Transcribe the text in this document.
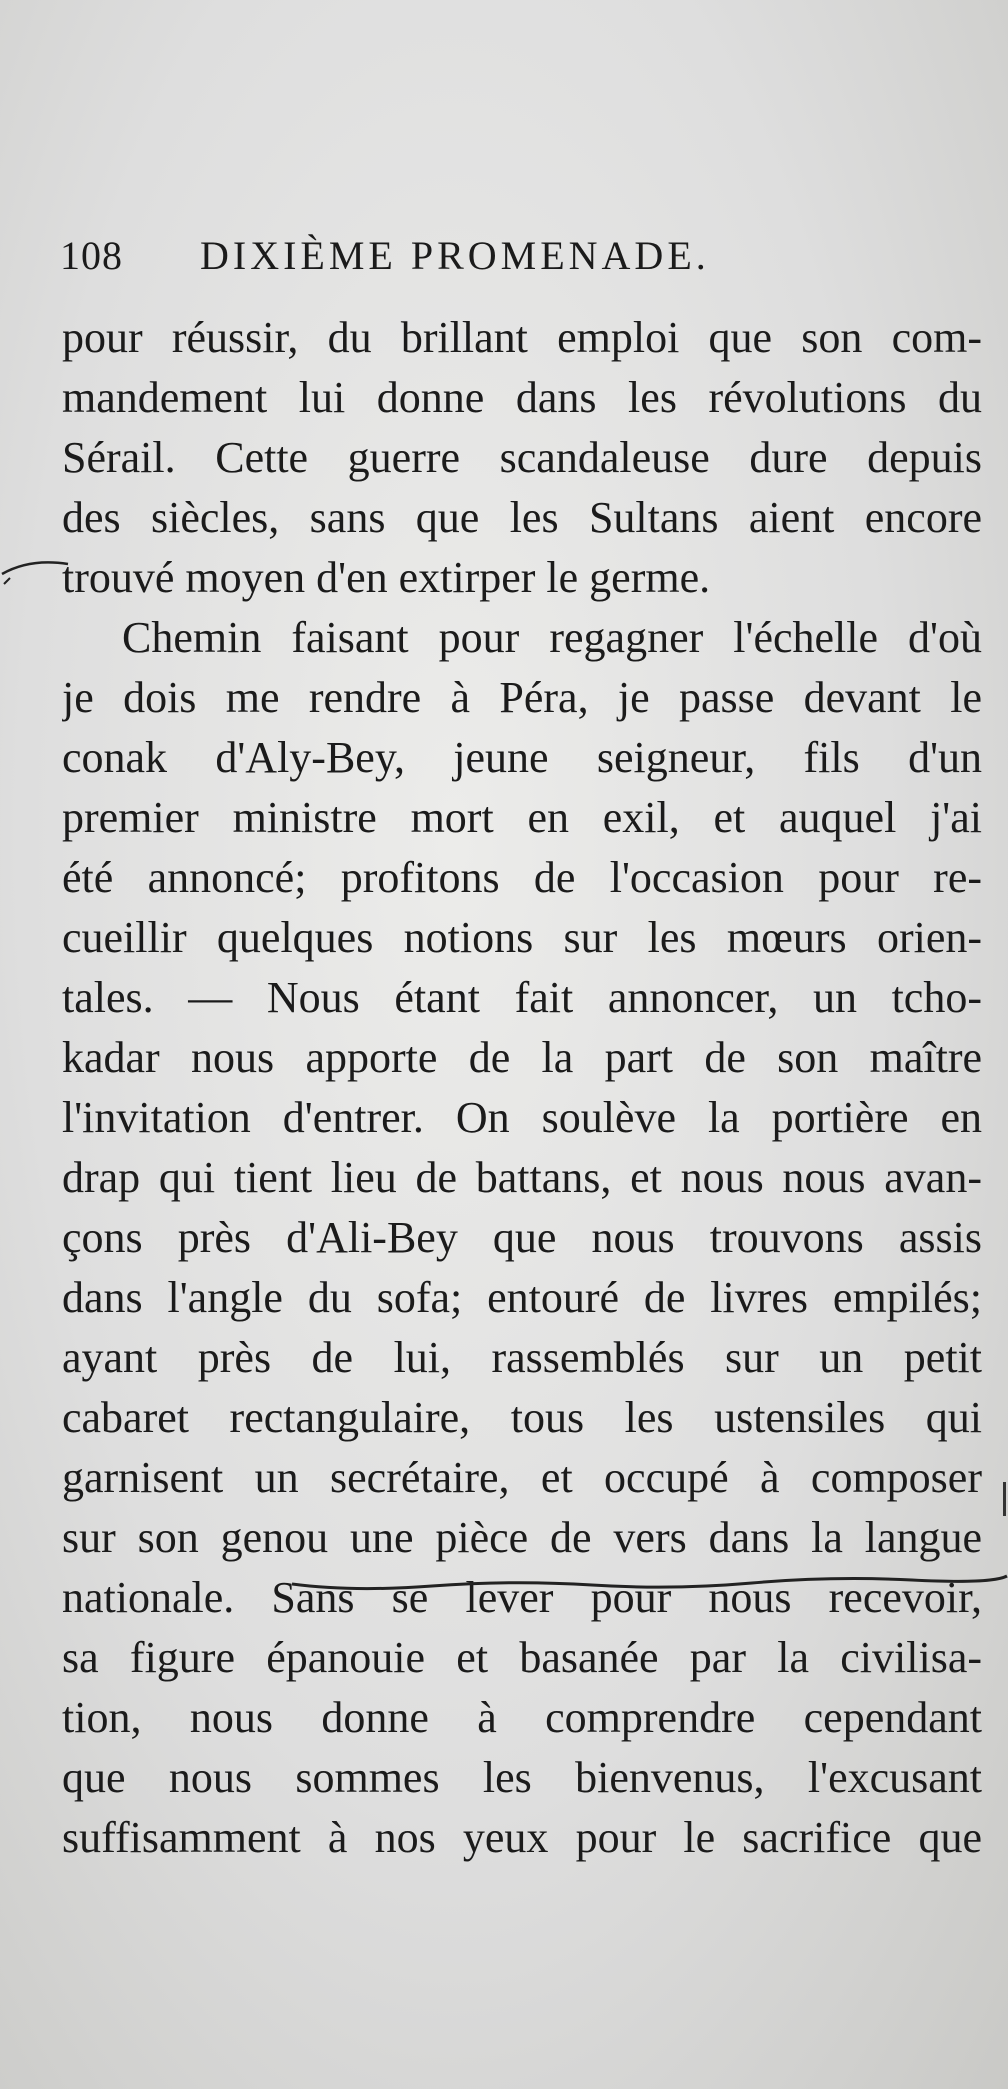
108 DIXIÈME PROMENADE.
pour réussir, du brillant emploi que son com-
mandement lui donne dans les révolutions du
Sérail. Cette guerre scandaleuse dure depuis
des siècles, sans que les Sultans aient encore
trouvé moyen d'en extirper le germe.
Chemin faisant pour regagner l'échelle d'où
je dois me rendre à Péra, je passe devant le
conak d'Aly-Bey, jeune seigneur, fils d'un
premier ministre mort en exil, et auquel j'ai
été annoncé; profitons de l'occasion pour re-
cueillir quelques notions sur les mœurs orien-
tales. — Nous étant fait annoncer, un tcho-
kadar nous apporte de la part de son maître
l'invitation d'entrer. On soulève la portière en
drap qui tient lieu de battans, et nous nous avan-
çons près d'Ali-Bey que nous trouvons assis
dans l'angle du sofa; entouré de livres empilés;
ayant près de lui, rassemblés sur un petit
cabaret rectangulaire, tous les ustensiles qui
garnisent un secrétaire, et occupé à composer
sur son genou une pièce de vers dans la langue
nationale. Sans se lever pour nous recevoir,
sa figure épanouie et basanée par la civilisa-
tion, nous donne à comprendre cependant
que nous sommes les bienvenus, l'excusant
suffisamment à nos yeux pour le sacrifice que
